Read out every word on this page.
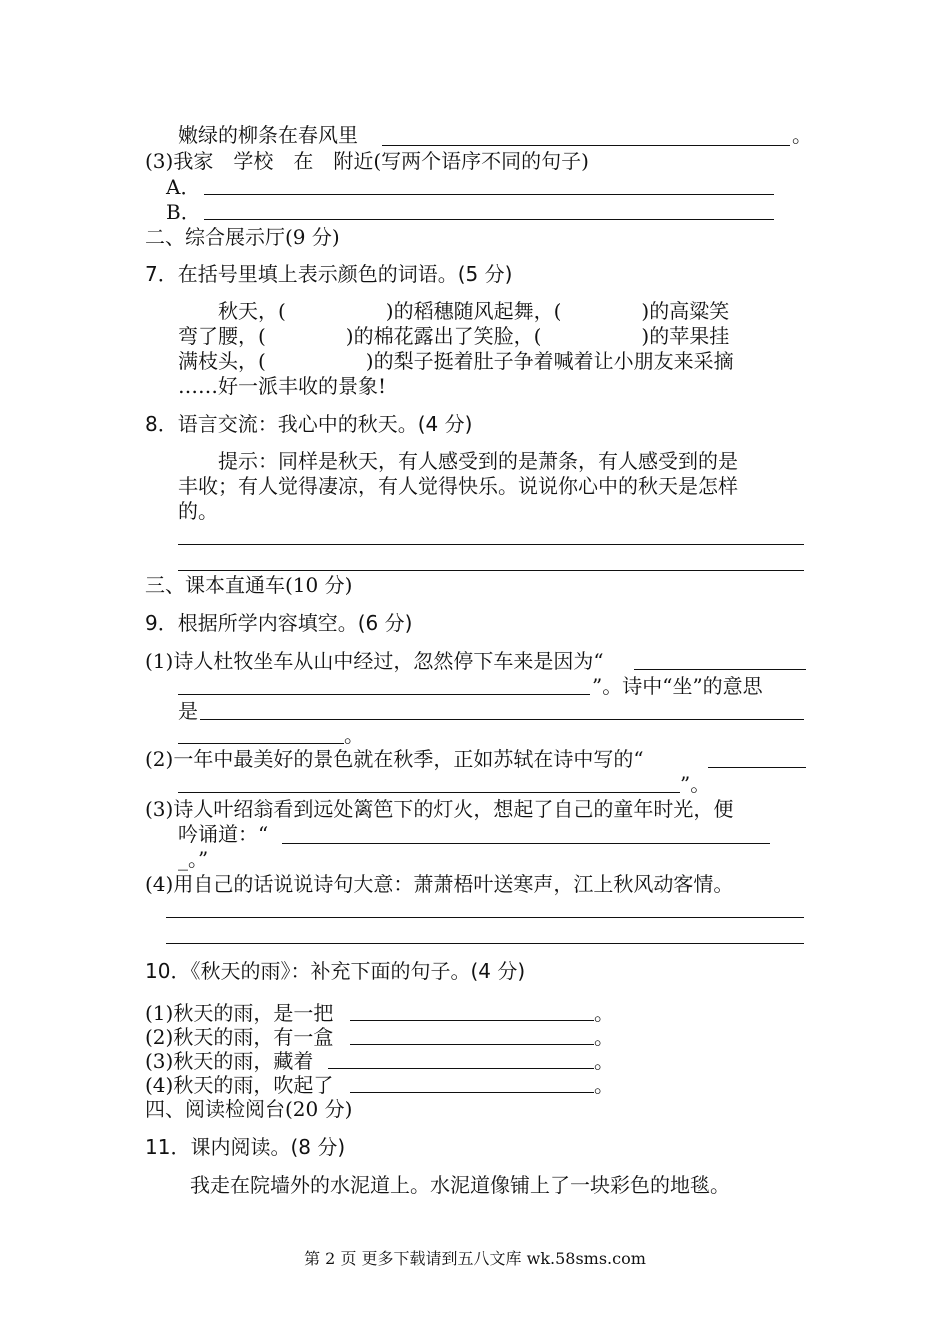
嫩绿的柳条在春风里	。
(3)我家　学校　在　附近(写两个语序不同的句子)
A．
B．
二、综合展示厅(9 分)
7．在括号里填上表示颜色的词语。(5 分)
　　秋天，(　　　　　)的稻穗随风起舞，(　　　　)的高粱笑
弯了腰，(　　　　)的棉花露出了笑脸，(　　　　　)的苹果挂
满枝头，(　　　　　)的梨子挺着肚子争着喊着让小朋友来采摘
……好一派丰收的景象!
8．语言交流：我心中的秋天。(4 分)
　　提示：同样是秋天，有人感受到的是萧条，有人感受到的是
丰收；有人觉得凄凉，有人觉得快乐。说说你心中的秋天是怎样
的。
三、课本直通车(10 分)
9．根据所学内容填空。(6 分)
(1)诗人杜牧坐车从山中经过，忽然停下车来是因为“
”。诗中“坐”的意思
是
。
(2)一年中最美好的景色就在秋季，正如苏轼在诗中写的“
”。
(3)诗人叶绍翁看到远处篱笆下的灯火，想起了自己的童年时光，便
吟诵道：“
_。”
(4)用自己的话说说诗句大意：萧萧梧叶送寒声，江上秋风动客情。
10．《秋天的雨》：补充下面的句子。(4 分)
(1)秋天的雨，是一把	。
(2)秋天的雨，有一盒	。
(3)秋天的雨，藏着	。
(4)秋天的雨，吹起了	。
四、阅读检阅台(20 分)
11．课内阅读。(8 分)
我走在院墙外的水泥道上。水泥道像铺上了一块彩色的地毯。
第 2 页 更多下载请到五八文库 wk.58sms.com
